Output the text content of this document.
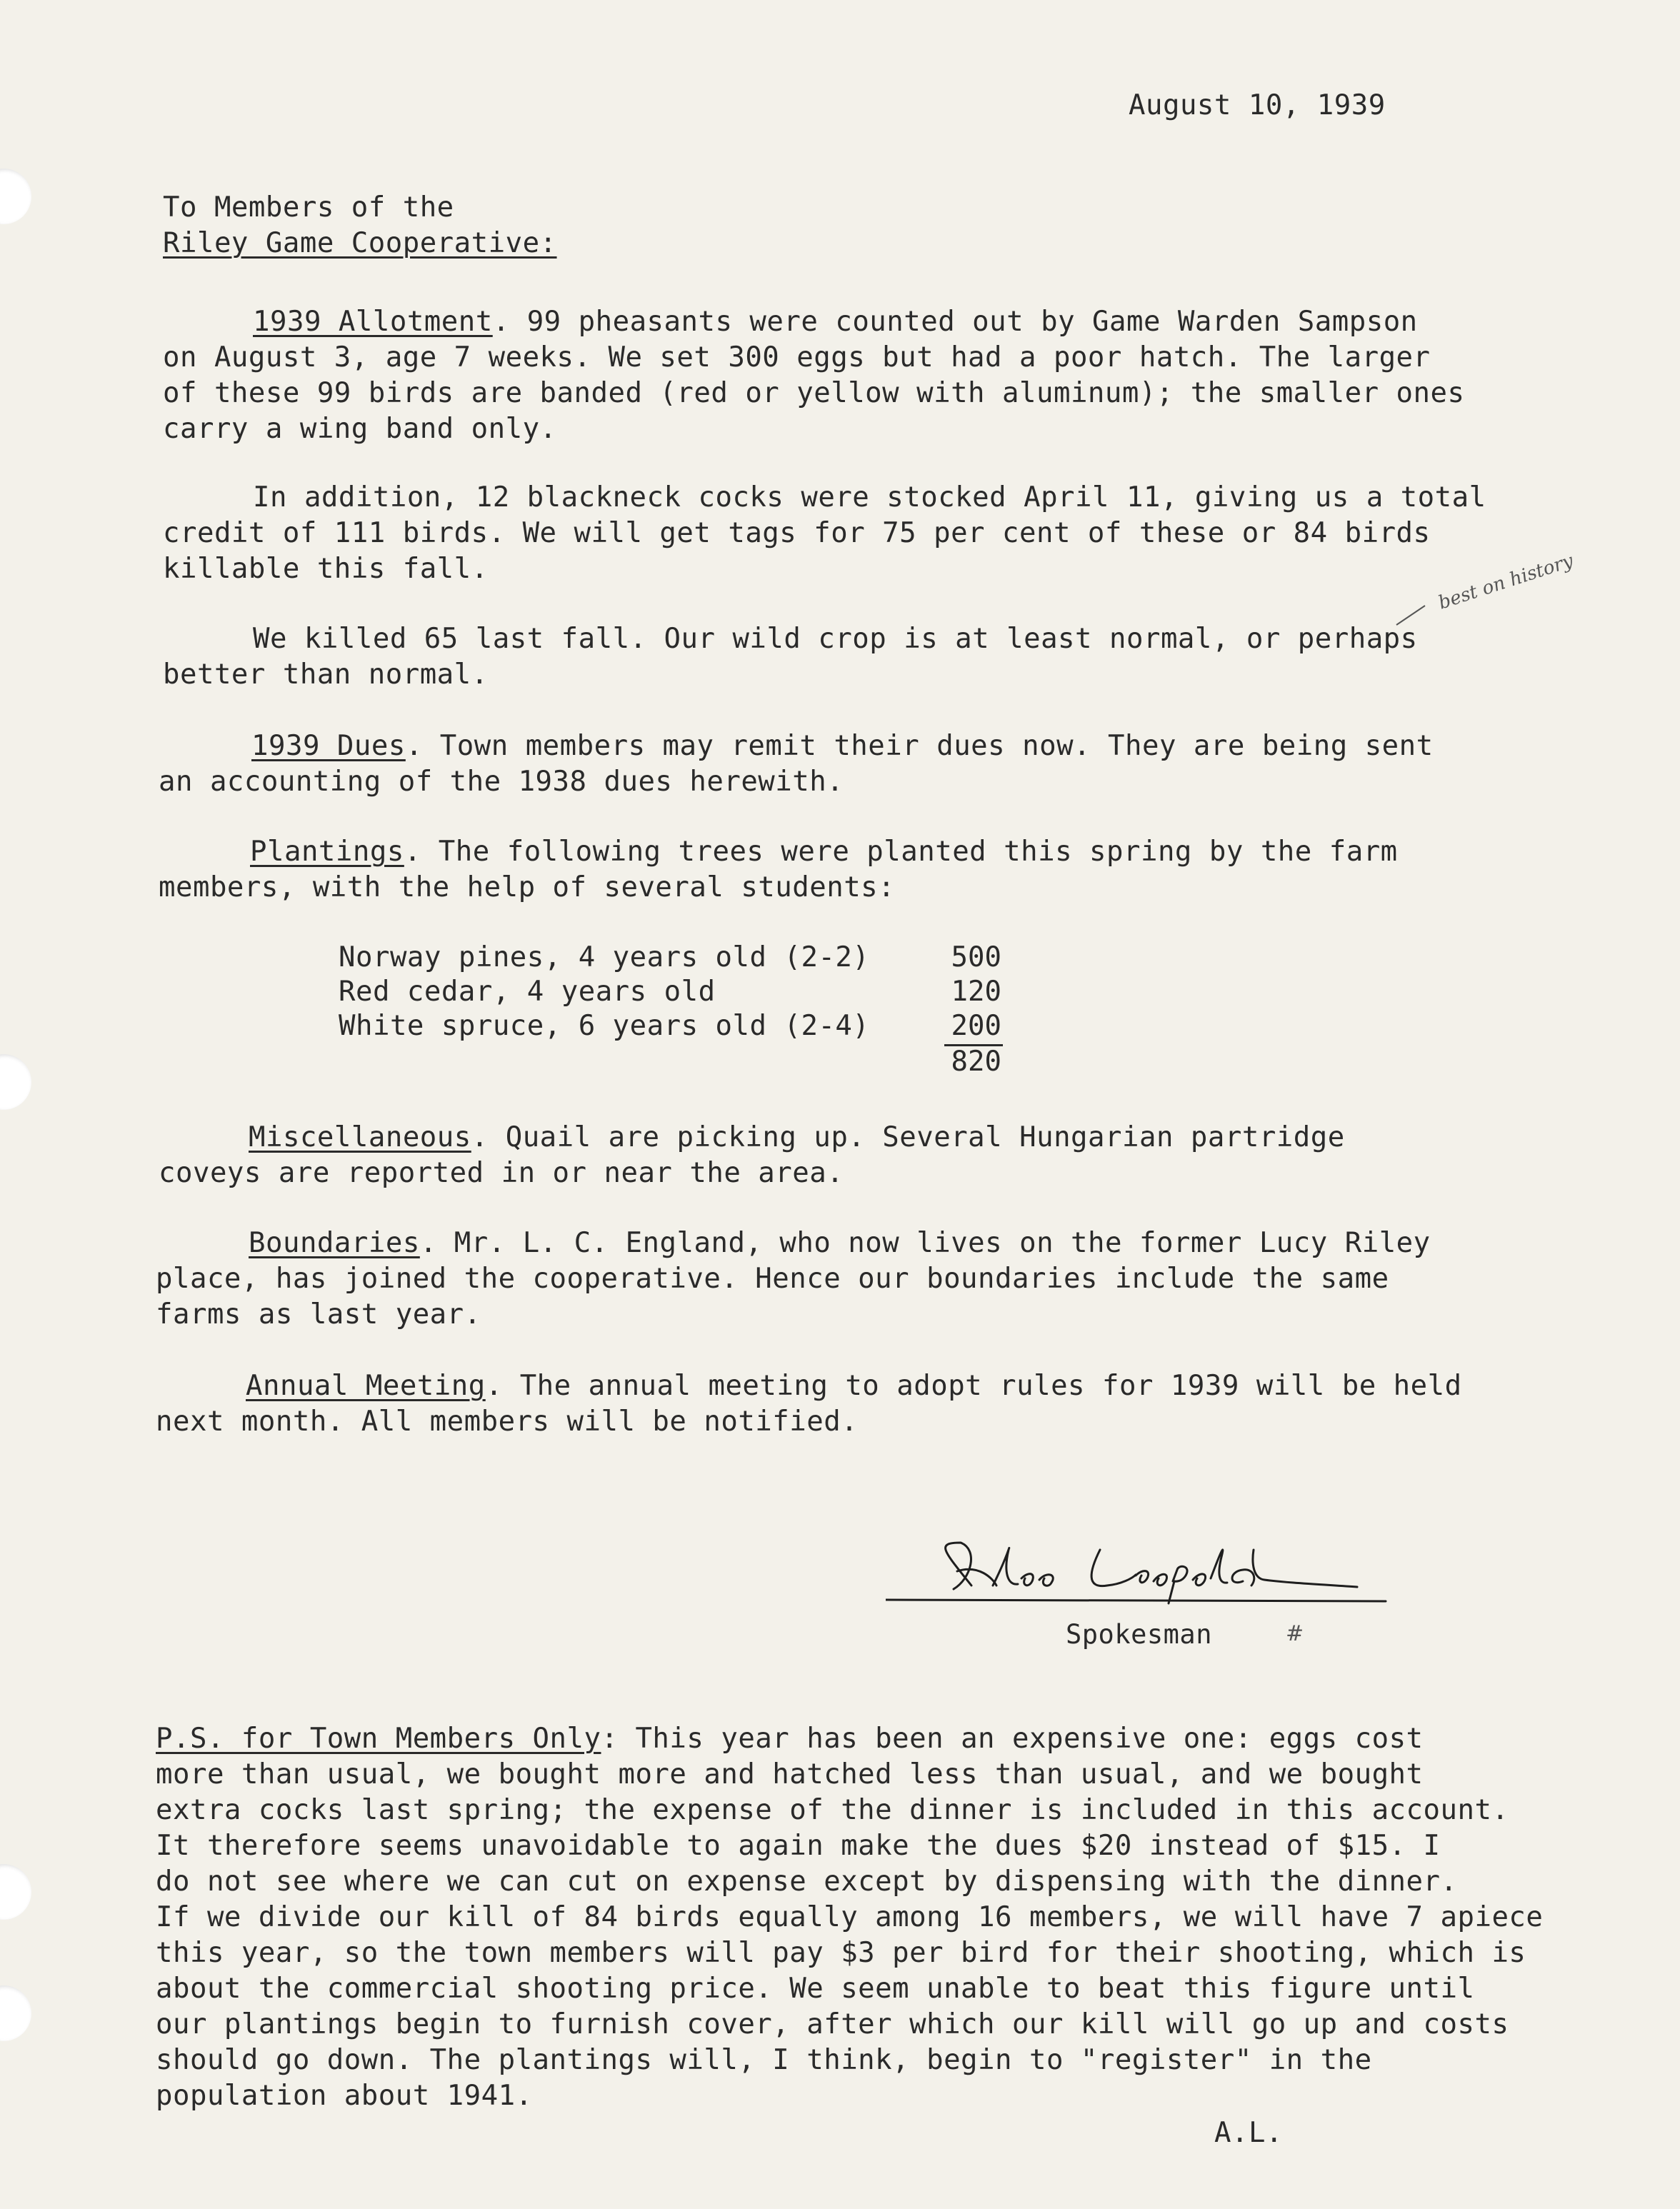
August 10, 1939
To Members of the
Riley Game Cooperative:
1939 Allotment. 99 pheasants were counted out by Game Warden Sampson
on August 3, age 7 weeks. We set 300 eggs but had a poor hatch. The larger
of these 99 birds are banded (red or yellow with aluminum); the smaller ones
carry a wing band only.
In addition, 12 blackneck cocks were stocked April 11, giving us a total
credit of 111 birds. We will get tags for 75 per cent of these or 84 birds
killable this fall.	best on history
We killed 65 last fall. Our wild crop is at least normal, or perhaps
better than normal.
1939 Dues. Town members may remit their dues now. They are being sent
an accounting of the 1938 dues herewith.
Plantings. The following trees were planted this spring by the farm
members, with the help of several students:
Norway pines, 4 years old (2-2)	500
Red cedar, 4 years old	120
White spruce, 6 years old (2-4)	200
820
Miscellaneous. Quail are picking up. Several Hungarian partridge
coveys are reported in or near the area.
Boundaries. Mr. L. C. England, who now lives on the former Lucy Riley
place, has joined the cooperative. Hence our boundaries include the same
farms as last year.
Annual Meeting. The annual meeting to adopt rules for 1939 will be held
next month. All members will be notified.
Spokesman	#
P.S. for Town Members Only: This year has been an expensive one: eggs cost
more than usual, we bought more and hatched less than usual, and we bought
extra cocks last spring; the expense of the dinner is included in this account.
It therefore seems unavoidable to again make the dues $20 instead of $15. I
do not see where we can cut on expense except by dispensing with the dinner.
If we divide our kill of 84 birds equally among 16 members, we will have 7 apiece
this year, so the town members will pay $3 per bird for their shooting, which is
about the commercial shooting price. We seem unable to beat this figure until
our plantings begin to furnish cover, after which our kill will go up and costs
should go down. The plantings will, I think, begin to "register" in the
population about 1941.
A.L.
